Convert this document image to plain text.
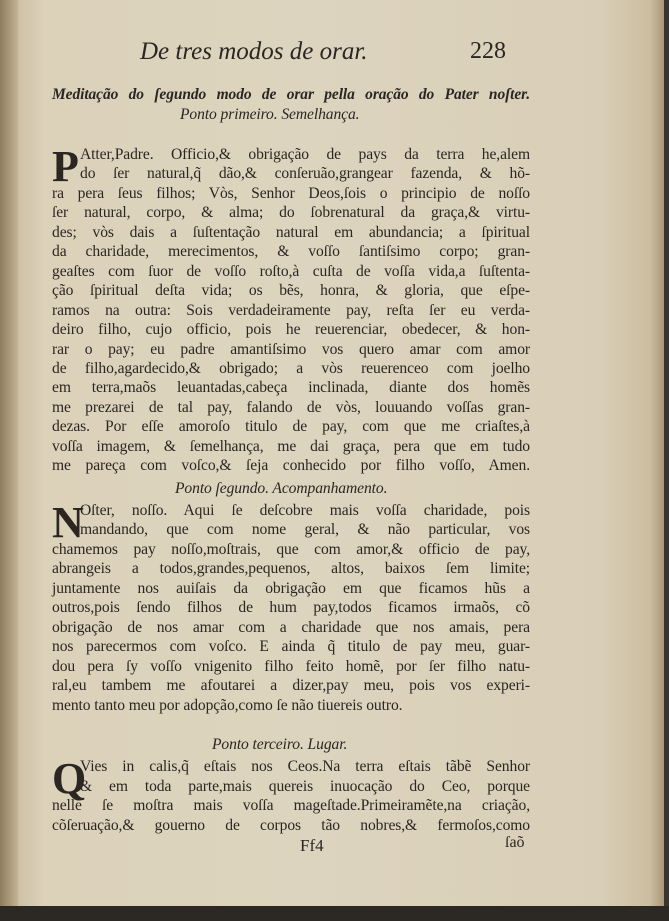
De tres modos de orar.	228
Meditação do ſegundo modo de orar pella oração do Pater noſter.
Ponto primeiro. Semelhança.
P Atter,Padre. Officio,& obrigação de pays da terra he,alem
do ſer natural,q̃ dão,& conſeruão,grangear fazenda, & hõ-
ra pera ſeus filhos; Vòs, Senhor Deos,ſois o principio de noſſo
ſer natural, corpo, & alma; do ſobrenatural da graça,& virtu-
des; vòs dais a ſuſtentação natural em abundancia; a ſpiritual
da charidade, merecimentos, & voſſo ſantiſsimo corpo; gran-
geaſtes com ſuor de voſſo roſto,à cuſta de voſſa vida,a ſuſtenta-
ção ſpiritual deſta vida; os bẽs, honra, & gloria, que eſpe-
ramos na outra: Sois verdadeiramente pay, reſta ſer eu verda-
deiro filho, cujo officio, pois he reuerenciar, obedecer, & hon-
rar o pay; eu padre amantiſsimo vos quero amar com amor
de filho,agardecido,& obrigado; a vòs reuerenceo com joelho
em terra,maõs leuantadas,cabeça inclinada, diante dos homẽs
me prezarei de tal pay, falando de vòs, louuando voſſas gran-
dezas. Por eſſe amoroſo titulo de pay, com que me criaſtes,à
voſſa imagem, & ſemelhança, me dai graça, pera que em tudo
me pareça com voſco,& ſeja conhecido por filho voſſo, Amen.
Ponto ſegundo. Acompanhamento.
N
Oſter, noſſo. Aqui ſe deſcobre mais voſſa charidade, pois
mandando, que com nome geral, & não particular, vos
chamemos pay noſſo,moſtrais, que com amor,& officio de pay,
abrangeis a todos,grandes,pequenos, altos, baixos ſem limite;
juntamente nos auiſais da obrigação em que ficamos hũs a
outros,pois ſendo filhos de hum pay,todos ficamos irmaõs, cõ
obrigação de nos amar com a charidade que nos amais, pera
nos parecermos com voſco. E ainda q̃ titulo de pay meu, guar-
dou pera ſy voſſo vnigenito filho feito homẽ, por ſer filho natu-
ral,eu tambem me afoutarei a dizer,pay meu, pois vos experi-
mento tanto meu por adopção,como ſe não tiuereis outro.
Ponto terceiro. Lugar.
Q
Vies in calis,q̃ eſtais nos Ceos.Na terra eſtais tãbẽ Senhor
& em toda parte,mais quereis inuocação do Ceo, porque
nelle ſe moſtra mais voſſa mageſtade.Primeiramẽte,na criação,
cõſeruação,& gouerno de corpos tão nobres,& fermoſos,como
Ff4	ſaõ
